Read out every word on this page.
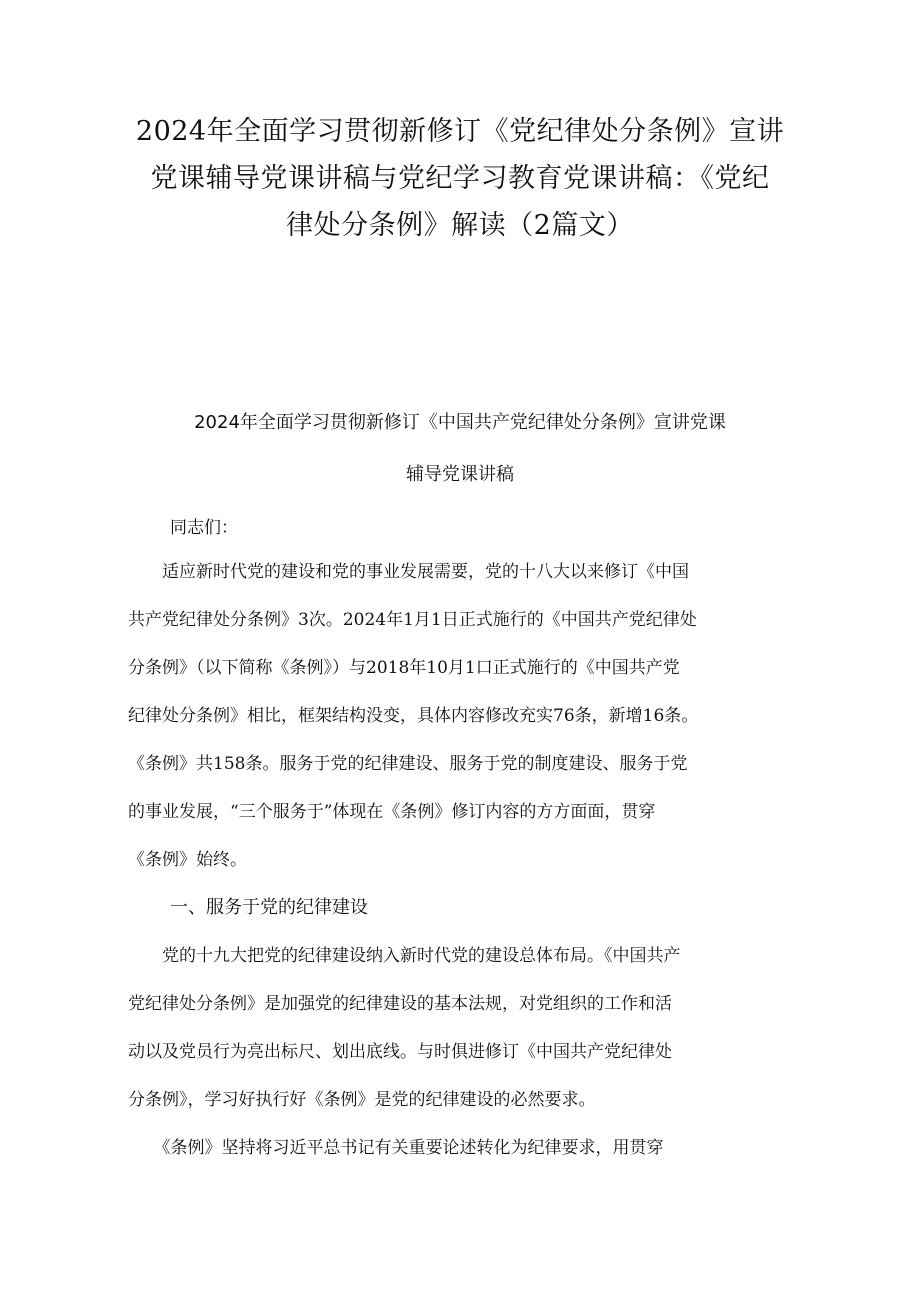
2024年全面学习贯彻新修订《党纪律处分条例》宣讲
党课辅导党课讲稿与党纪学习教育党课讲稿：《党纪
律处分条例》解读（2篇文）
2024年全面学习贯彻新修订《中国共产党纪律处分条例》宣讲党课
辅导党课讲稿
同志们：
　　适应新时代党的建设和党的事业发展需要，党的十八大以来修订《中国
共产党纪律处分条例》3次。2024年1月1日正式施行的《中国共产党纪律处
分条例》（以下简称《条例》）与2018年10月1口正式施行的《中国共产党
纪律处分条例》相比，框架结构没变，具体内容修改充实76条，新增16条。
《条例》共158条。服务于党的纪律建设、服务于党的制度建设、服务于党
的事业发展，“三个服务于”体现在《条例》修订内容的方方面面，贯穿
《条例》始终。
一、服务于党的纪律建设
　　党的十九大把党的纪律建设纳入新时代党的建设总体布局。《中国共产
党纪律处分条例》是加强党的纪律建设的基本法规，对党组织的工作和活
动以及党员行为亮出标尺、划出底线。与时俱进修订《中国共产党纪律处
分条例》，学习好执行好《条例》是党的纪律建设的必然要求。
　　《条例》坚持将习近平总书记有关重要论述转化为纪律要求，用贯穿
